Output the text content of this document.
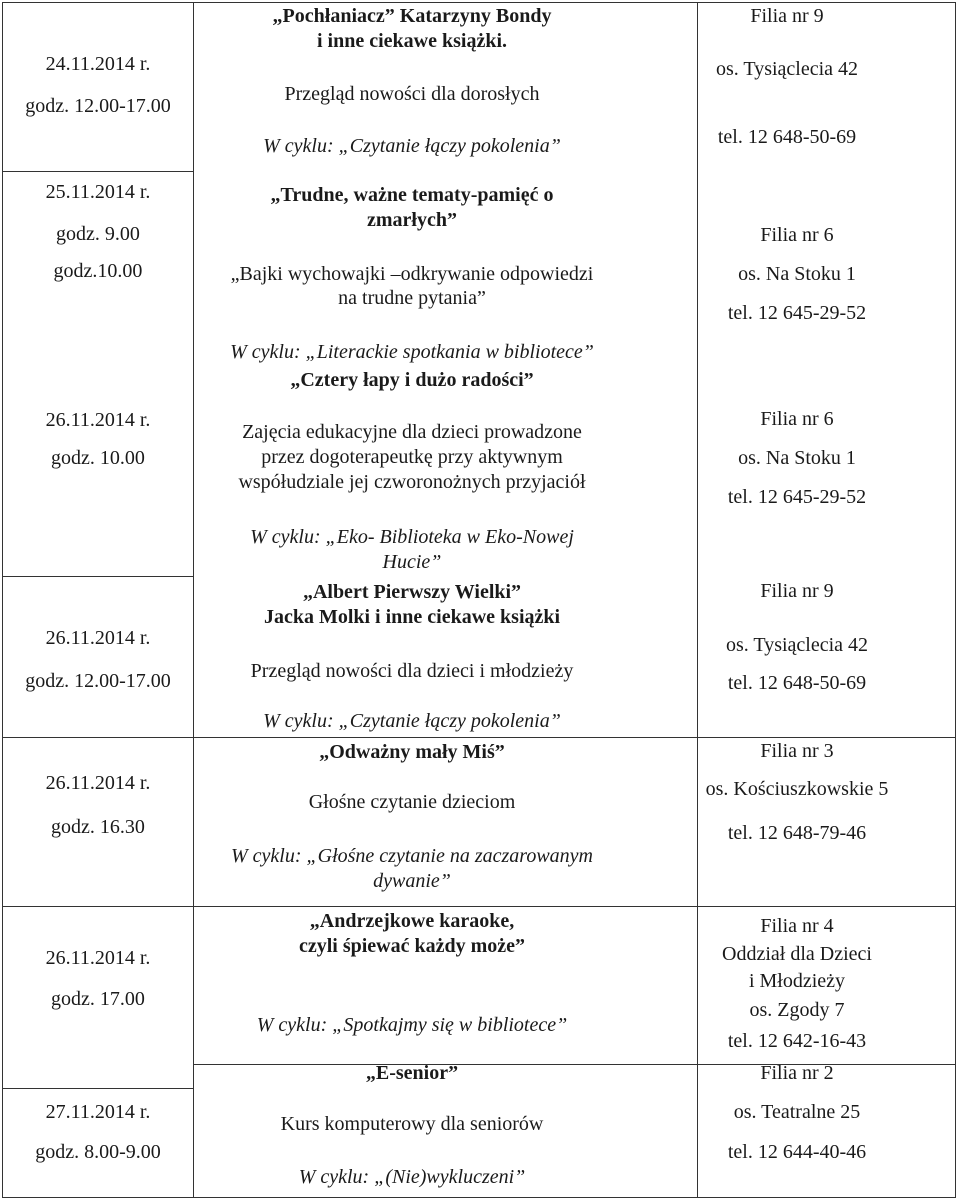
24.11.2014 r.
godz. 12.00-17.00
„Pochłaniacz” Katarzyny Bondy
i inne ciekawe książki.
Przegląd nowości dla dorosłych
W cyklu: „Czytanie łączy pokolenia”
Filia nr 9
os. Tysiąclecia 42
tel. 12 648-50-69
25.11.2014 r.
godz. 9.00
godz.10.00
„Trudne, ważne tematy-pamięć o
zmarłych”
„Bajki wychowajki –odkrywanie odpowiedzi
na trudne pytania”
W cyklu: „Literackie spotkania w bibliotece”
Filia nr 6
os. Na Stoku 1
tel. 12 645-29-52
26.11.2014 r.
godz. 10.00
„Cztery łapy i dużo radości”
Zajęcia edukacyjne dla dzieci prowadzone
przez dogoterapeutkę przy aktywnym
współudziale jej czworonożnych przyjaciół
W cyklu: „Eko- Biblioteka w Eko-Nowej
Hucie”
Filia nr 6
os. Na Stoku 1
tel. 12 645-29-52
26.11.2014 r.
godz. 12.00-17.00
„Albert Pierwszy Wielki”
Jacka Molki i inne ciekawe książki
Przegląd nowości dla dzieci i młodzieży
W cyklu: „Czytanie łączy pokolenia”
Filia nr 9
os. Tysiąclecia 42
tel. 12 648-50-69
26.11.2014 r.
godz. 16.30
„Odważny mały Miś”
Głośne czytanie dzieciom
W cyklu: „Głośne czytanie na zaczarowanym
dywanie”
Filia nr 3
os. Kościuszkowskie 5
tel. 12 648-79-46
26.11.2014 r.
godz. 17.00
„Andrzejkowe karaoke,
czyli śpiewać każdy może”
W cyklu: „Spotkajmy się w bibliotece”
Filia nr 4
Oddział dla Dzieci
i Młodzieży
os. Zgody 7
tel. 12 642-16-43
27.11.2014 r.
godz. 8.00-9.00
„E-senior”
Kurs komputerowy dla seniorów
W cyklu: „(Nie)wykluczeni”
Filia nr 2
os. Teatralne 25
tel. 12 644-40-46
